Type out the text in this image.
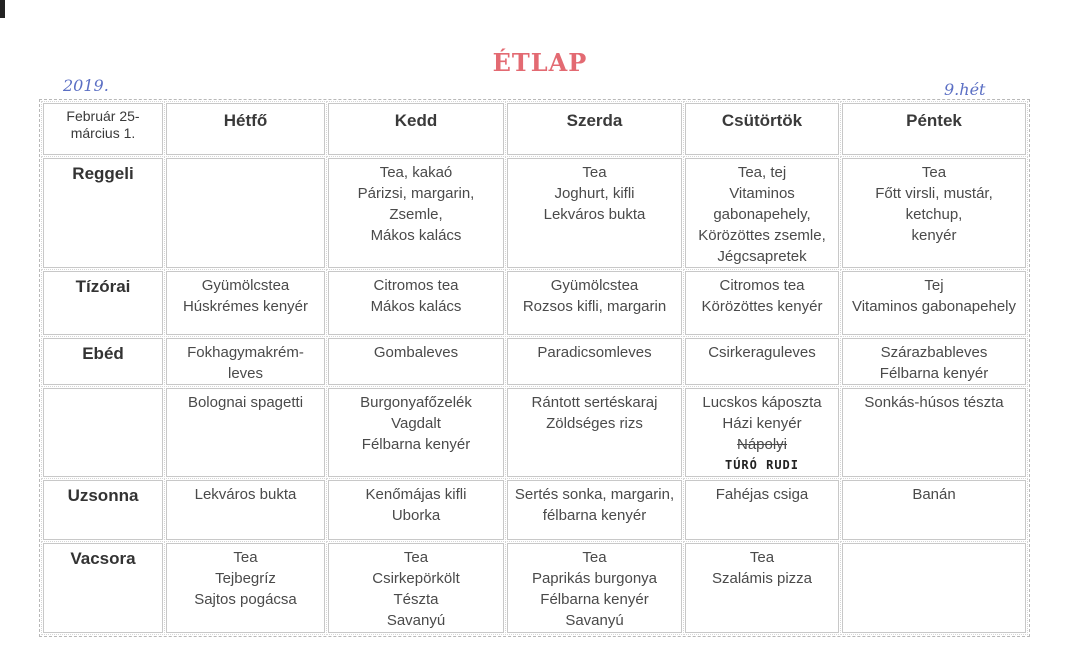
ÉTLAP
2019.	9.hét
Február 25-
március 1.	Hétfő	Kedd	Szerda	Csütörtök	Péntek
Reggeli		Tea, kakaó
Párizsi, margarin,
Zsemle,
Mákos kalács	Tea
Joghurt, kifli
Lekváros bukta	Tea, tej
Vitaminos
gabonapehely,
Körözöttes zsemle,
Jégcsapretek	Tea
Főtt virsli, mustár,
ketchup,
kenyér

Tízórai	Gyümölcstea
Húskrémes kenyér	Citromos tea
Mákos kalács	Gyümölcstea
Rozsos kifli, margarin	Citromos tea
Körözöttes kenyér	Tej
Vitaminos gabonapehely

Ebéd	Fokhagymakrém-
leves	Gombaleves	Paradicsomleves	Csirkeraguleves	Szárazbableves
Félbarna kenyér

	Bolognai spagetti	Burgonyafőzelék
Vagdalt
Félbarna kenyér	Rántott sertéskaraj
Zöldséges rizs	Lucskos káposzta
Házi kenyér
Nápolyi
TÚRÓ RUDI	Sonkás-húsos tészta

Uzsonna	Lekváros bukta	Kenőmájas kifli
Uborka	Sertés sonka, margarin,
félbarna kenyér	Fahéjas csiga	Banán

Vacsora	Tea
Tejbegríz
Sajtos pogácsa	Tea
Csirkepörkölt
Tészta
Savanyú	Tea
Paprikás burgonya
Félbarna kenyér
Savanyú	Tea
Szalámis pizza	
